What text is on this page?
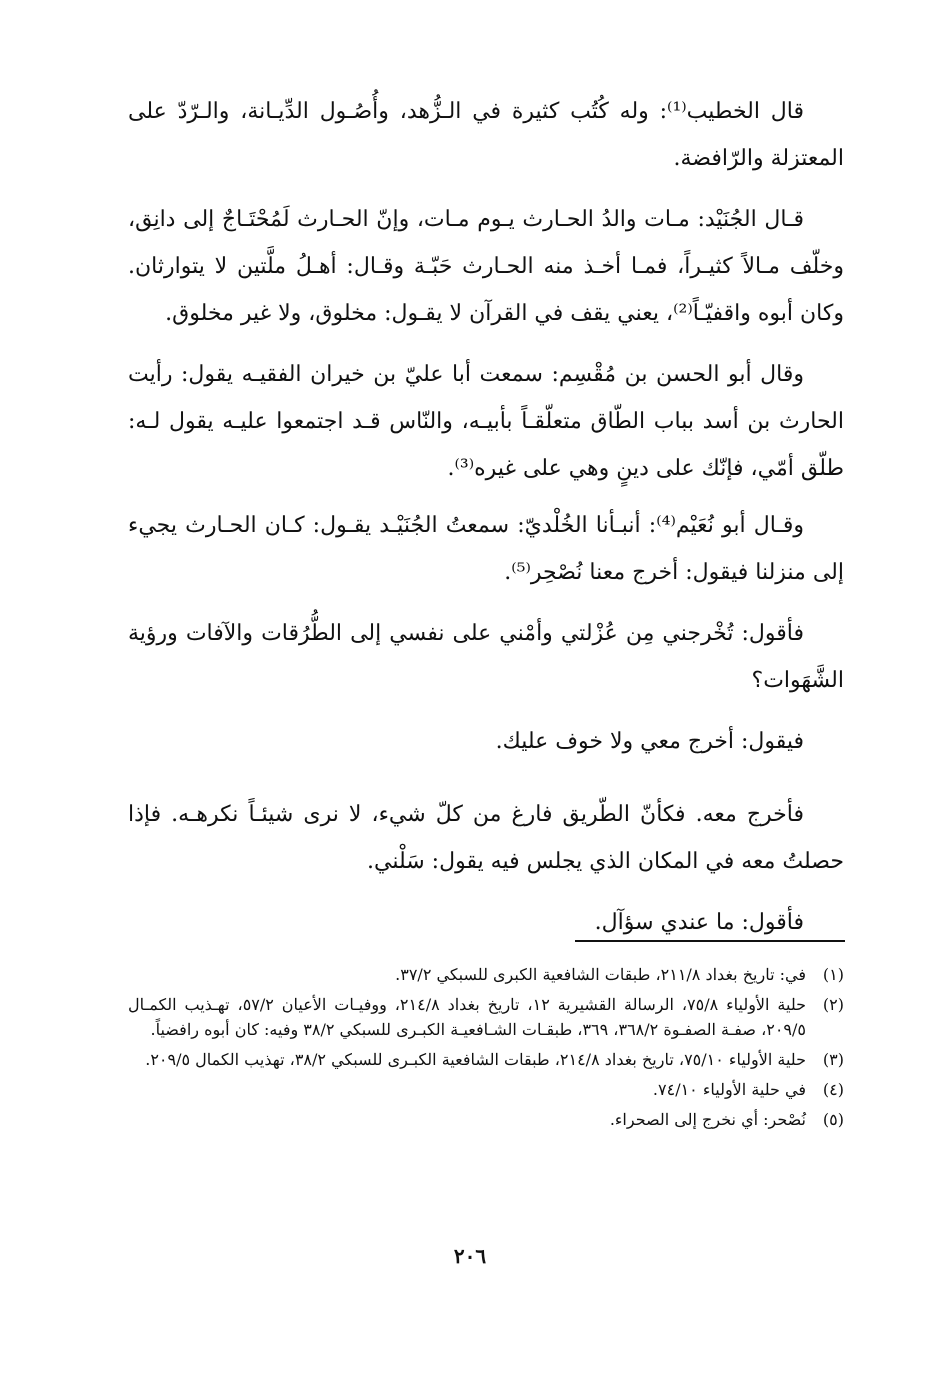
قال الخطيب⁽¹⁾: وله كُتُب كثيرة في الـزُّهد، وأُصُـول الدِّيـانة، والـرّدّ على المعتزلة والرّافضة.

قـال الجُنَيْد: مـات والدُ الحـارث يـوم مـات، وإنّ الحـارث لَمُحْتَـاجٌ إلى دانِق، وخلّف مـالاً كثيـراً، فمـا أخـذ منه الحـارث حَبّـة وقـال: أهـلُ ملَّتين لا يتوارثان. وكان أبوه واقفيّـاً⁽²⁾، يعني يقف في القرآن لا يقـول: مخلوق، ولا غير مخلوق.

وقال أبو الحسن بن مُقْسِم: سمعت أبا عليّ بن خيران الفقيـه يقول: رأيت الحارث بن أسد بباب الطّاق متعلّقـاً بأبيـه، والنّاس قـد اجتمعوا عليـه يقول لـه: طلّق أمّي، فإنّك على دينٍ وهي على غيره⁽³⁾.

وقـال أبو نُعَيْم⁽⁴⁾: أنبـأنا الخُلْديّ: سمعتُ الجُنَيْـد يقـول: كـان الحـارث يجيء إلى منزلنا فيقول: أخرج معنا نُصْحِر⁽⁵⁾.

فأقول: تُخْرجني مِن عُزْلتي وأمْني على نفسي إلى الطُّرُقات والآفات ورؤية الشَّهَوات؟

فيقول: أخرج معي ولا خوف عليك.

فأخرج معه. فكأنّ الطّريق فارغ من كلّ شيء، لا نرى شيئـاً نكرهـه. فإذا حصلتُ معه في المكان الذي يجلس فيه يقول: سَلْني.

فأقول: ما عندي سؤآل.

(١)
في: تاريخ بغداد ٢١١/٨، طبقات الشافعية الكبرى للسبكي ٣٧/٢.
(٢)
حلية الأولياء ٧٥/٨، الرسالة القشيرية ١٢، تاريخ بغداد ٢١٤/٨، ووفيـات الأعيان ٥٧/٢، تهـذيب الكمـال ٢٠٩/٥، صفـة الصفـوة ٣٦٨/٢، ٣٦٩، طبقـات الشـافعيـة الكبـرى للسبكي ٣٨/٢ وفيه: كان أبوه رافضياً.
(٣)
حلية الأولياء ٧٥/١٠، تاريخ بغداد ٢١٤/٨، طبقات الشافعية الكبـرى للسبكي ٣٨/٢، تهذيب الكمال ٢٠٩/٥.
(٤)
في حلية الأولياء ٧٤/١٠.
(٥)
نُصْحر: أي نخرج إلى الصحراء.
٢٠٦
